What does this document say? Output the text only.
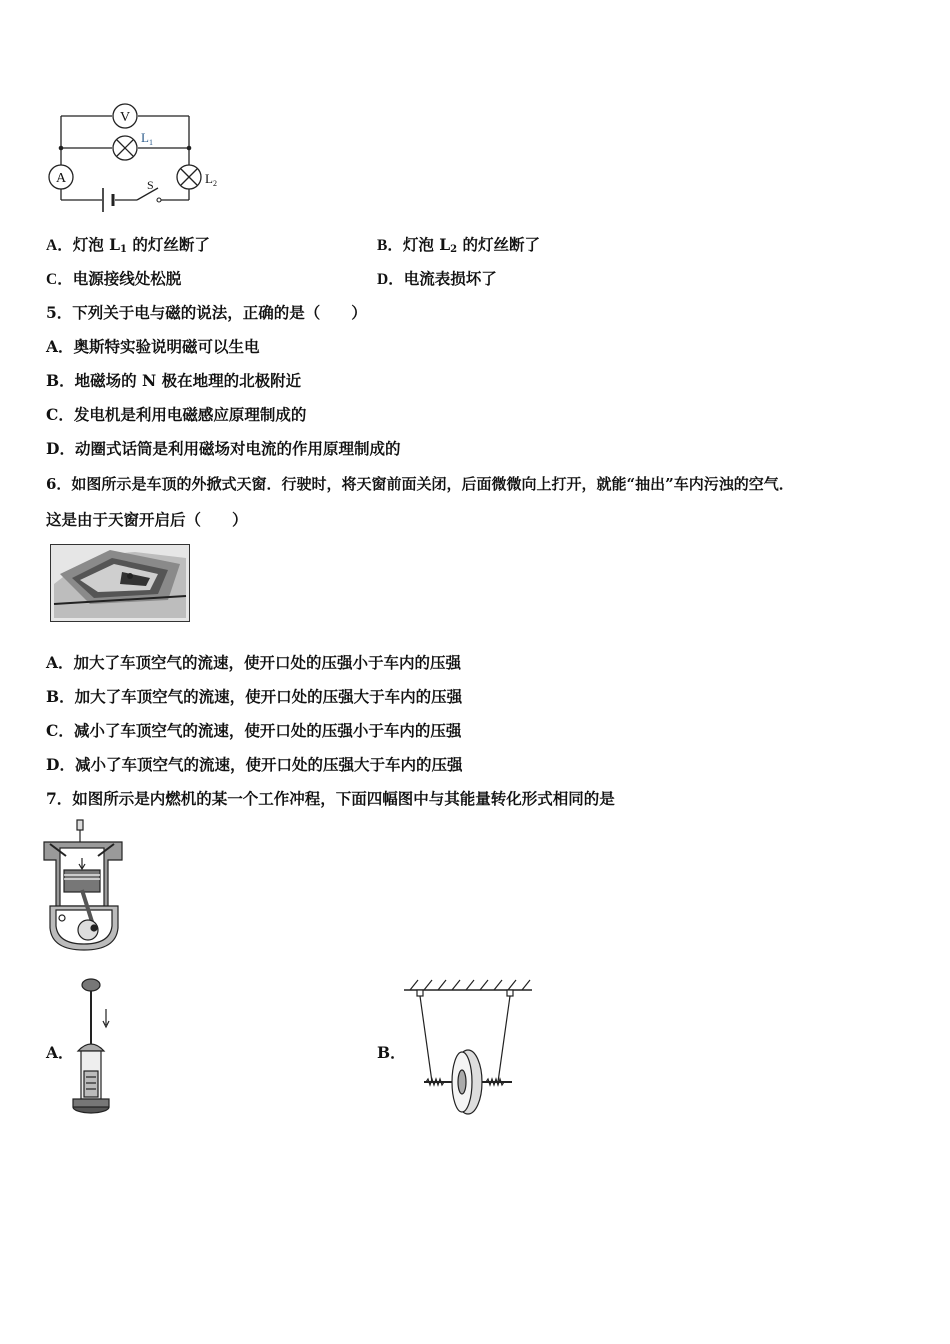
V
A
$L_1$
$L_2$
S
A．灯泡 $L_1$ 的灯丝断了	B．灯泡 $L_2$ 的灯丝断了
C．电源接线处松脱	D．电流表损坏了
5．下列关于电与磁的说法，正确的是（　　）
A．奥斯特实验说明磁可以生电
B．地磁场的 N 极在地理的北极附近
C．发电机是利用电磁感应原理制成的
D．动圈式话筒是利用磁场对电流的作用原理制成的
6．如图所示是车顶的外掀式天窗．行驶时，将天窗前面关闭，后面微微向上打开，就能“抽出”车内污浊的空气．
这是由于天窗开启后（　　）
A．加大了车顶空气的流速，使开口处的压强小于车内的压强
B．加大了车顶空气的流速，使开口处的压强大于车内的压强
C．减小了车顶空气的流速，使开口处的压强小于车内的压强
D．减小了车顶空气的流速，使开口处的压强大于车内的压强
7．如图所示是内燃机的某一个工作冲程，下面四幅图中与其能量转化形式相同的是
A．	B．
